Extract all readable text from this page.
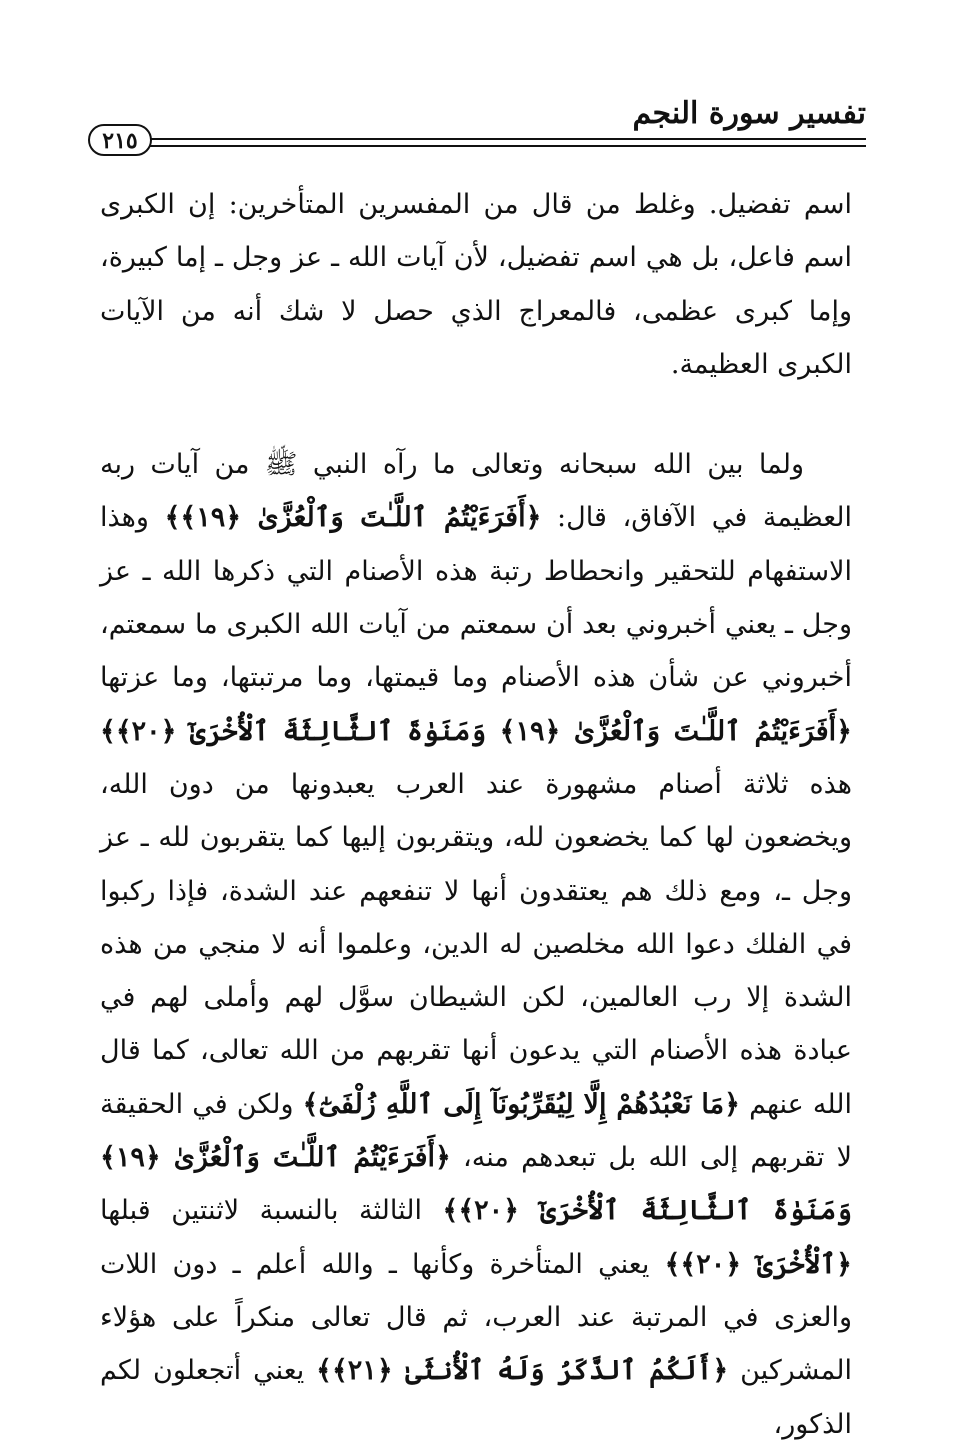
تفسير سورة النجم
٢١٥

اسم تفضيل. وغلط من قال من المفسرين المتأخرين: إن الكبرى اسم فاعل، بل هي اسم تفضيل، لأن آيات الله ـ عز وجل ـ إما كبيرة، وإما كبرى عظمى، فالمعراج الذي حصل لا شك أنه من الآيات الكبرى العظيمة.

ولما بين الله سبحانه وتعالى ما رآه النبي ﷺ من آيات ربه العظيمة في الآفاق، قال: ﴿أَفَرَءَيْتُمُ ٱللَّـٰتَ وَٱلْعُزَّىٰ ﴿١٩﴾﴾ وهذا الاستفهام للتحقير وانحطاط رتبة هذه الأصنام التي ذكرها الله ـ عز وجل ـ يعني أخبروني بعد أن سمعتم من آيات الله الكبرى ما سمعتم، أخبروني عن شأن هذه الأصنام وما قيمتها، وما مرتبتها، وما عزتها ﴿أَفَرَءَيْتُمُ ٱللَّـٰتَ وَٱلْعُزَّىٰ ﴿١٩﴾ وَمَنَوٰةَ ٱلثَّالِثَةَ ٱلْأُخْرَىٰٓ ﴿٢٠﴾﴾ هذه ثلاثة أصنام مشهورة عند العرب يعبدونها من دون الله، ويخضعون لها كما يخضعون لله، ويتقربون إليها كما يتقربون لله ـ عز وجل ـ، ومع ذلك هم يعتقدون أنها لا تنفعهم عند الشدة، فإذا ركبوا في الفلك دعوا الله مخلصين له الدين، وعلموا أنه لا منجي من هذه الشدة إلا رب العالمين، لكن الشيطان سوَّل لهم وأملى لهم في عبادة هذه الأصنام التي يدعون أنها تقربهم من الله تعالى، كما قال الله عنهم ﴿مَا نَعْبُدُهُمْ إِلَّا لِيُقَرِّبُونَآ إِلَى ٱللَّهِ زُلْفَىٰٓ﴾ ولكن في الحقيقة لا تقربهم إلى الله بل تبعدهم منه، ﴿أَفَرَءَيْتُمُ ٱللَّـٰتَ وَٱلْعُزَّىٰ ﴿١٩﴾ وَمَنَوٰةَ ٱلثَّالِثَةَ ٱلْأُخْرَىٰٓ ﴿٢٠﴾﴾ الثالثة بالنسبة لاثنتين قبلها ﴿ٱلْأُخْرَىٰٓ ﴿٢٠﴾﴾ يعني المتأخرة وكأنها ـ والله أعلم ـ دون اللات والعزى في المرتبة عند العرب، ثم قال تعالى منكراً على هؤلاء المشركين ﴿أَلَكُمُ ٱلذَّكَرُ وَلَهُ ٱلْأُنثَىٰ ﴿٢١﴾﴾ يعني أتجعلون لكم الذكور،
